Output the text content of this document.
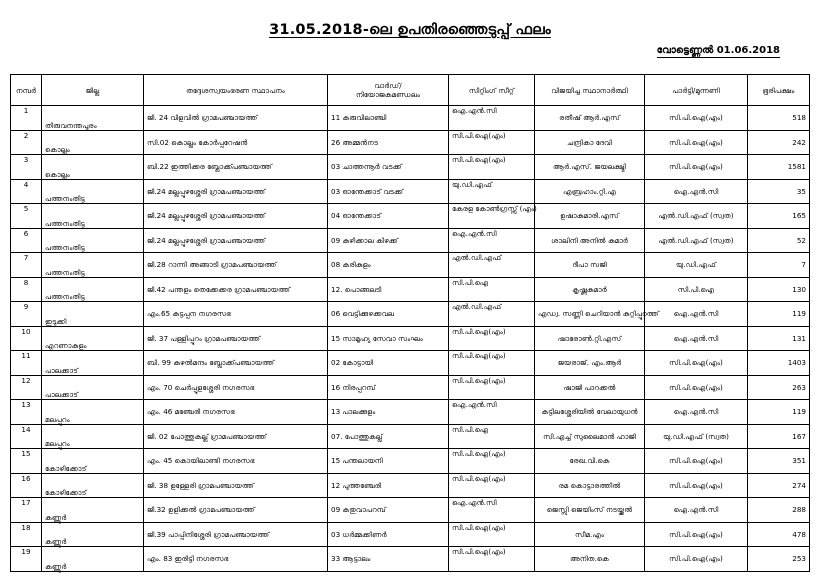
31.05.2018-ലെ ഉപതിരഞ്ഞെടുപ്പ് ഫലം
വോട്ടെണ്ണൽ 01.06.2018
നമ്പർ	ജില്ല	തദ്ദേശസ്വയംഭരണ സ്ഥാപനം	വാർഡ്/
നിയോജകമണ്ഡലം	സിറ്റിംഗ് സീറ്റ്	വിജയിച്ച സ്ഥാനാർത്ഥി	പാർട്ടി/മുന്നണി	ഭൂരിപക്ഷം
1	തിരുവനന്തപുരം	ജി. 24 വിളവിൽ ഗ്രാമപഞ്ചായത്ത്	11 കരുവിലാഞ്ചി	ഐ.എൻ.സി	രതീഷ് ആർ.എസ്	സി.പി.ഐ(എം)	518
2	കൊല്ലം	സി.02 കൊല്ലം കോർപ്പറേഷൻ	26 അമ്മൻനട	സി.പി.ഐ(എം)	ചന്ദ്രികാ ദേവി	സി.പി.ഐ(എം)	242
3	കൊല്ലം	ബി.22 ഇത്തിക്കര ബ്ലോക്ക്പഞ്ചായത്ത്	03 ചാത്തന്നൂർ വടക്ക്	സി.പി.ഐ(എം)	ആർ.എസ്. ജയലക്ഷ്മി	സി.പി.ഐ(എം)	1581
4	പത്തനംതിട്ട	ജി.24 മല്ലപ്പുഴശ്ശേരി ഗ്രാമപഞ്ചായത്ത്	03 ഓന്തേക്കാട് വടക്ക്	യു.ഡി.എഫ്	എബ്രഹാം.റ്റി.എ	ഐ.എൻ.സി	35
5	പത്തനംതിട്ട	ജി.24 മല്ലപ്പുഴശ്ശേരി ഗ്രാമപഞ്ചായത്ത്	04 ഓന്തേക്കാട്	കേരള കോൺഗ്രസ്സ് (എം)	ഉഷാകുമാരി.എസ്	എൽ.ഡി.എഫ് (സ്വത)	165
6	പത്തനംതിട്ട	ജി.24 മല്ലപ്പുഴശ്ശേരി ഗ്രാമപഞ്ചായത്ത്	09 കുഴിക്കാല കിഴക്ക്	ഐ.എൻ.സി	ശാലിനി അനിൽ കുമാർ	എൽ.ഡി.എഫ് (സ്വത)	52
7	പത്തനംതിട്ട	ജി.28 റാന്നി അങ്ങാടി ഗ്രാമപഞ്ചായത്ത്	08 കരികുളം	എൽ.ഡി.എഫ്	ദീപാ സജി	യു.ഡി.എഫ്	7
8	പത്തനംതിട്ട	ജി.42 പന്തളം തെക്കേക്കര ഗ്രാമപഞ്ചായത്ത്	12. പൊങ്ങലടി	സി.പി.ഐ	കൃഷ്ണകുമാർ	സി.പി.ഐ	130
9	ഇടുക്കി	എം.65 കട്ടപ്പന നഗരസഭ	06 വെട്ടിക്കുഴക്കവല	എൽ.ഡി.എഫ്	എഡ്വ. സണ്ണി ചെറിയാൻ കുറ്റിപ്പുറത്ത്	ഐ.എൻ.സി	119
10	എറണാകുളം	ജി. 37 പള്ളിപ്പുറം ഗ്രാമപഞ്ചായത്ത്	15 സാമൂഹ്യ സേവാ സംഘം	സി.പി.ഐ(എം)	ഷാരോൺ.റ്റി.എസ്	ഐ.എൻ.സി	131
11	പാലക്കാട്	ബി. 99 കുഴൽമന്ദം ബ്ലോക്ക്പഞ്ചായത്ത്	02 കോട്ടായി	സി.പി.ഐ(എം)	ജയരാജ്. എം.ആർ	സി.പി.ഐ(എം)	1403
12	പാലക്കാട്	എം. 70 ചെർപ്പുളശ്ശേരി നഗരസഭ	16 നിരപ്പറമ്പ്	സി.പി.ഐ(എം)	ഷാജി പാറക്കൽ	സി.പി.ഐ(എം)	263
13	മലപ്പുറം	എം. 46 മഞ്ചേരി നഗരസഭ	13 പാലക്കുളം	ഐ.എൻ.സി	കട്ടിലശ്ശേരിയിൽ വേലായുധൻ	ഐ.എൻ.സി	119
14	മലപ്പുറം	ജി. 02 പോത്തുകല്ല് ഗ്രാമപഞ്ചായത്ത്	07. പോത്തുകല്ല്	സി.പി.ഐ	സി.എച്ച് സുലൈമാൻ ഹാജി	യു.ഡി.എഫ് (സ്വത)	167
15	കോഴിക്കോട്	എം. 45 കൊയിലാണ്ടി നഗരസഭ	15 പന്തലായനി	സി.പി.ഐ(എം)	രേഖ.വി.കെ	സി.പി.ഐ(എം)	351
16	കോഴിക്കോട്	ജി. 38 ഉള്ളേരി ഗ്രാമപഞ്ചായത്ത്	12 പുത്തഞ്ചേരി	സി.പി.ഐ(എം)	രമ കൊട്ടാരത്തിൽ	സി.പി.ഐ(എം)	274
17	കണ്ണൂർ	ജി.32 ഉളിക്കൽ ഗ്രാമപഞ്ചായത്ത്	09 കതുവാപറമ്പ്	ഐ.എൻ.സി	ജെസ്സി ജെയിംസ് നടയ്ക്കൽ	ഐ.എൻ.സി	288
18	കണ്ണൂർ	ജി.39 പാപ്പിനിശ്ശേരി ഗ്രാമപഞ്ചായത്ത്	03 ധർമ്മക്കിണർ	സി.പി.ഐ(എം)	സീമ.എം	സി.പി.ഐ(എം)	478
19	കണ്ണൂർ	എം. 83 ഇരിട്ടി നഗരസഭ	33 ആട്ടാലം	സി.പി.ഐ(എം)	അനിത.കെ	സി.പി.ഐ(എം)	253
